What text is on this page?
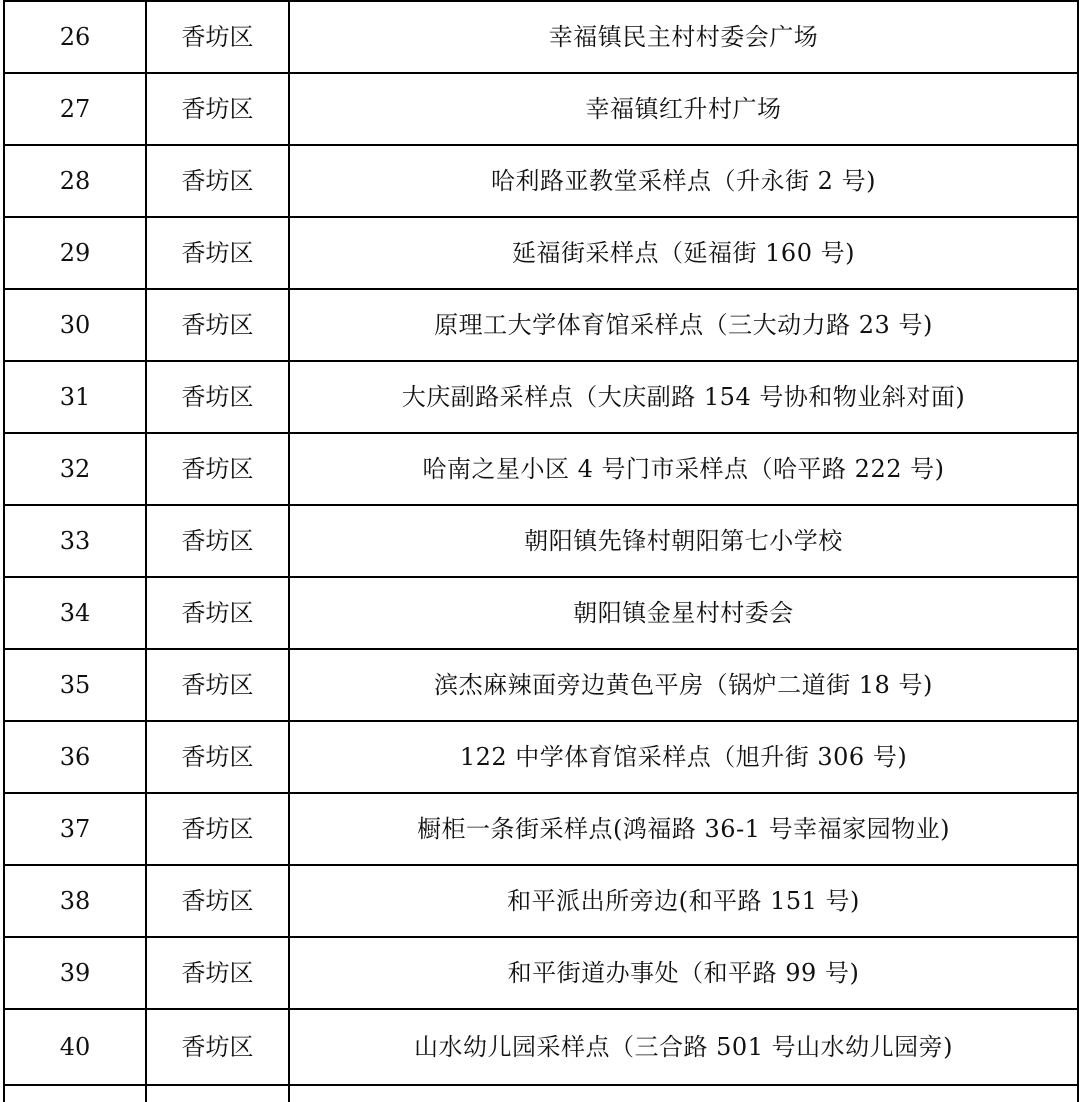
26	香坊区	幸福镇民主村村委会广场
27	香坊区	幸福镇红升村广场
28	香坊区	哈利路亚教堂采样点（升永街 2 号)
29	香坊区	延福街采样点（延福街 160 号)
30	香坊区	原理工大学体育馆采样点（三大动力路 23 号)
31	香坊区	大庆副路采样点（大庆副路 154 号协和物业斜对面)
32	香坊区	哈南之星小区 4 号门市采样点（哈平路 222 号)
33	香坊区	朝阳镇先锋村朝阳第七小学校
34	香坊区	朝阳镇金星村村委会
35	香坊区	滨杰麻辣面旁边黄色平房（锅炉二道街 18 号)
36	香坊区	122 中学体育馆采样点（旭升街 306 号)
37	香坊区	橱柜一条街采样点(鸿福路 36-1 号幸福家园物业)
38	香坊区	和平派出所旁边(和平路 151 号)
39	香坊区	和平街道办事处（和平路 99 号)
40	香坊区	山水幼儿园采样点（三合路 501 号山水幼儿园旁)
